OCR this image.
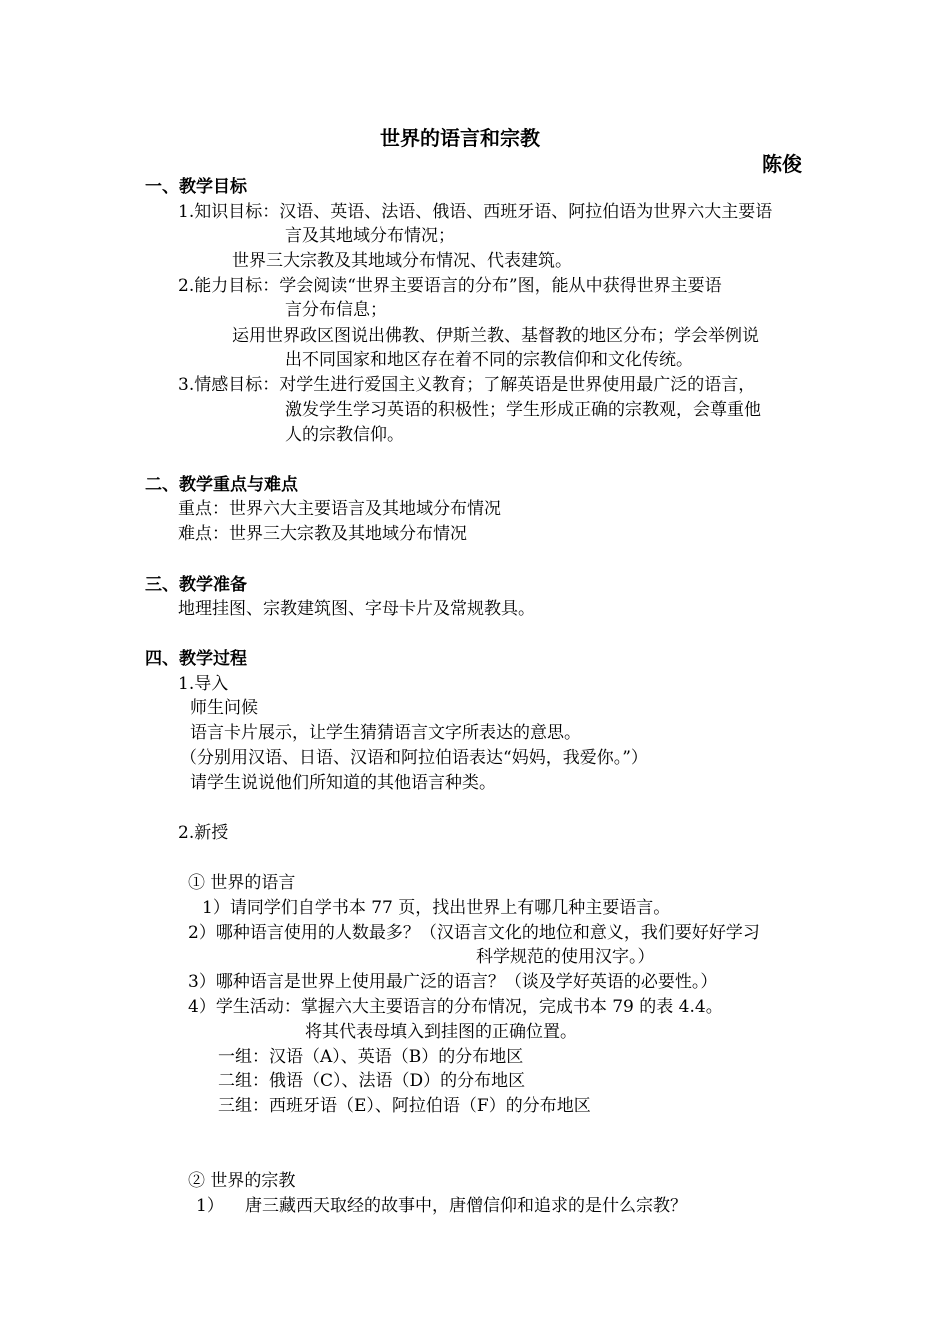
世界的语言和宗教
陈俊
一、教学目标
1.知识目标：汉语、英语、法语、俄语、西班牙语、阿拉伯语为世界六大主要语
言及其地域分布情况；
世界三大宗教及其地域分布情况、代表建筑。
2.能力目标：学会阅读“世界主要语言的分布”图，能从中获得世界主要语
言分布信息；
运用世界政区图说出佛教、伊斯兰教、基督教的地区分布；学会举例说
出不同国家和地区存在着不同的宗教信仰和文化传统。
3.情感目标：对学生进行爱国主义教育；了解英语是世界使用最广泛的语言，
激发学生学习英语的积极性；学生形成正确的宗教观，会尊重他
人的宗教信仰。
二、教学重点与难点
重点：世界六大主要语言及其地域分布情况
难点：世界三大宗教及其地域分布情况
三、教学准备
地理挂图、宗教建筑图、字母卡片及常规教具。
四、教学过程
1.导入
师生问候
语言卡片展示，让学生猜猜语言文字所表达的意思。
（分别用汉语、日语、汉语和阿拉伯语表达“妈妈，我爱你。”）
请学生说说他们所知道的其他语言种类。
2.新授
① 世界的语言
1）请同学们自学书本 77 页，找出世界上有哪几种主要语言。
2）哪种语言使用的人数最多？（汉语言文化的地位和意义，我们要好好学习
科学规范的使用汉字。）
3）哪种语言是世界上使用最广泛的语言？（谈及学好英语的必要性。）
4）学生活动：掌握六大主要语言的分布情况，完成书本 79 的表 4.4。
将其代表母填入到挂图的正确位置。
一组：汉语（A）、英语（B）的分布地区
二组：俄语（C）、法语（D）的分布地区
三组：西班牙语（E）、阿拉伯语（F）的分布地区
② 世界的宗教
1） 唐三藏西天取经的故事中，唐僧信仰和追求的是什么宗教？
